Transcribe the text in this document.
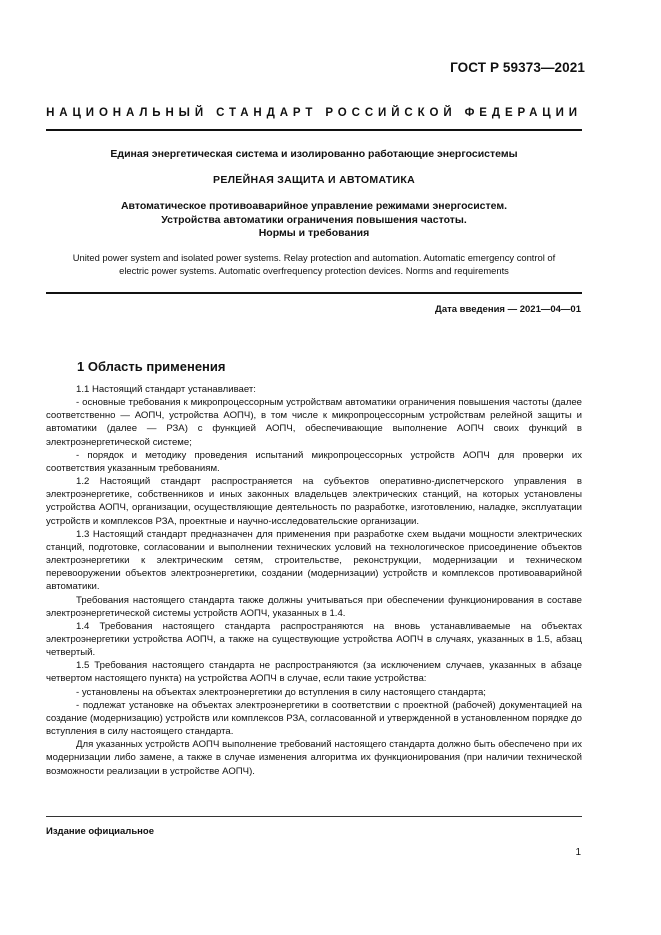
ГОСТ Р 59373—2021
НАЦИОНАЛЬНЫЙ СТАНДАРТ РОССИЙСКОЙ ФЕДЕРАЦИИ
Единая энергетическая система и изолированно работающие энергосистемы
РЕЛЕЙНАЯ ЗАЩИТА И АВТОМАТИКА
Автоматическое противоаварийное управление режимами энергосистем.
Устройства автоматики ограничения повышения частоты.
Нормы и требования
United power system and isolated power systems. Relay protection and automation. Automatic emergency control of
electric power systems. Automatic overfrequency protection devices. Norms and requirements
Дата введения — 2021—04—01
1 Область применения

1.1 Настоящий стандарт устанавливает:

- основные требования к микропроцессорным устройствам автоматики ограничения повышения частоты (далее соответственно — АОПЧ, устройства АОПЧ), в том числе к микропроцессорным устройствам релейной защиты и автоматики (далее — РЗА) с функцией АОПЧ, обеспечивающие выполнение АОПЧ своих функций в электроэнергетической системе;

- порядок и методику проведения испытаний микропроцессорных устройств АОПЧ для проверки их соответствия указанным требованиям.

1.2 Настоящий стандарт распространяется на субъектов оперативно-диспетчерского управления в электроэнергетике, собственников и иных законных владельцев электрических станций, на которых установлены устройства АОПЧ, организации, осуществляющие деятельность по разработке, изготовлению, наладке, эксплуатации устройств и комплексов РЗА, проектные и научно-исследовательские организации.

1.3 Настоящий стандарт предназначен для применения при разработке схем выдачи мощности электрических станций, подготовке, согласовании и выполнении технических условий на технологическое присоединение объектов электроэнергетики к электрическим сетям, строительстве, реконструкции, модернизации и техническом перевооружении объектов электроэнергетики, создании (модернизации) устройств и комплексов противоаварийной автоматики.

Требования настоящего стандарта также должны учитываться при обеспечении функционирования в составе электроэнергетической системы устройств АОПЧ, указанных в 1.4.

1.4 Требования настоящего стандарта распространяются на вновь устанавливаемые на объектах электроэнергетики устройства АОПЧ, а также на существующие устройства АОПЧ в случаях, указанных в 1.5, абзац четвертый.

1.5 Требования настоящего стандарта не распространяются (за исключением случаев, указанных в абзаце четвертом настоящего пункта) на устройства АОПЧ в случае, если такие устройства:

- установлены на объектах электроэнергетики до вступления в силу настоящего стандарта;

- подлежат установке на объектах электроэнергетики в соответствии с проектной (рабочей) документацией на создание (модернизацию) устройств или комплексов РЗА, согласованной и утвержденной в установленном порядке до вступления в силу настоящего стандарта.

Для указанных устройств АОПЧ выполнение требований настоящего стандарта должно быть обеспечено при их модернизации либо замене, а также в случае изменения алгоритма их функционирования (при наличии технической возможности реализации в устройстве АОПЧ).

Издание официальное
1
